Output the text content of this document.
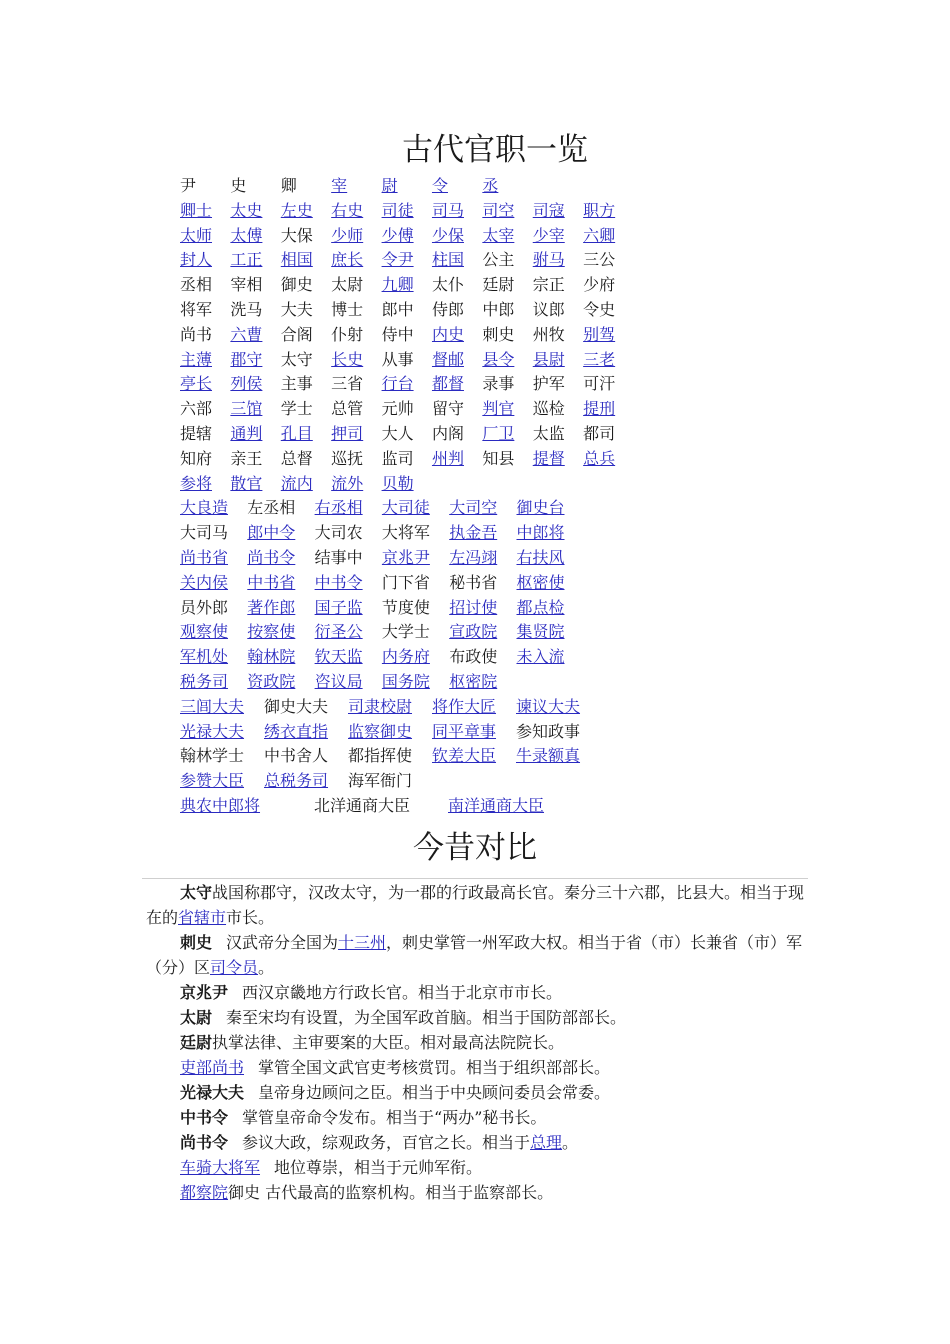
古代官职一览
尹 史 卿 宰 尉 令 丞
卿士 太史 左史 右史 司徒 司马 司空 司寇 职方
太师 太傅 大保 少师 少傅 少保 太宰 少宰 六卿
封人 工正 相国 庶长 令尹 柱国 公主 驸马 三公
丞相 宰相 御史 太尉 九卿 太仆 廷尉 宗正 少府
将军 洗马 大夫 博士 郎中 侍郎 中郎 议郎 令史
尚书 六曹 合阁 仆射 侍中 内史 刺史 州牧 别驾
主薄 郡守 太守 长史 从事 督邮 县令 县尉 三老
亭长 列侯 主事 三省 行台 都督 录事 护军 可汗
六部 三馆 学士 总管 元帅 留守 判官 巡检 提刑
提辖 通判 孔目 押司 大人 内阁 厂卫 太监 都司
知府 亲王 总督 巡抚 监司 州判 知县 提督 总兵
参将 散官 流内 流外 贝勒
大良造 左丞相 右丞相 大司徒 大司空 御史台
大司马 郎中令 大司农 大将军 执金吾 中郎将
尚书省 尚书令 结事中 京兆尹 左冯翊 右扶风
关内侯 中书省 中书令 门下省 秘书省 枢密使
员外郎 著作郎 国子监 节度使 招讨使 都点检
观察使 按察使 衍圣公 大学士 宣政院 集贤院
军机处 翰林院 钦天监 内务府 布政使 未入流
税务司 资政院 咨议局 国务院 枢密院
三闾大夫 御史大夫 司隶校尉 将作大匠 谏议大夫
光禄大夫 绣衣直指 监察御史 同平章事 参知政事
翰林学士 中书舍人 都指挥使 钦差大臣 牛录额真
参赞大臣 总税务司 海军衙门
典农中郎将	北洋通商大臣 南洋通商大臣
今昔对比
太守战国称郡守，汉改太守，为一郡的行政最高长官。秦分三十六郡，比县大。相当于现在的省辖市市长。
刺史 汉武帝分全国为十三州，刺史掌管一州军政大权。相当于省（市）长兼省（市）军（分）区司令员。
京兆尹 西汉京畿地方行政长官。相当于北京市市长。
太尉 秦至宋均有设置，为全国军政首脑。相当于国防部部长。
廷尉执掌法律、主审要案的大臣。相对最高法院院长。
吏部尚书 掌管全国文武官吏考核赏罚。相当于组织部部长。
光禄大夫 皇帝身边顾问之臣。相当于中央顾问委员会常委。
中书令 掌管皇帝命令发布。相当于“两办”秘书长。
尚书令 参议大政，综观政务，百官之长。相当于总理。
车骑大将军 地位尊崇，相当于元帅军衔。
都察院御史 古代最高的监察机构。相当于监察部长。
